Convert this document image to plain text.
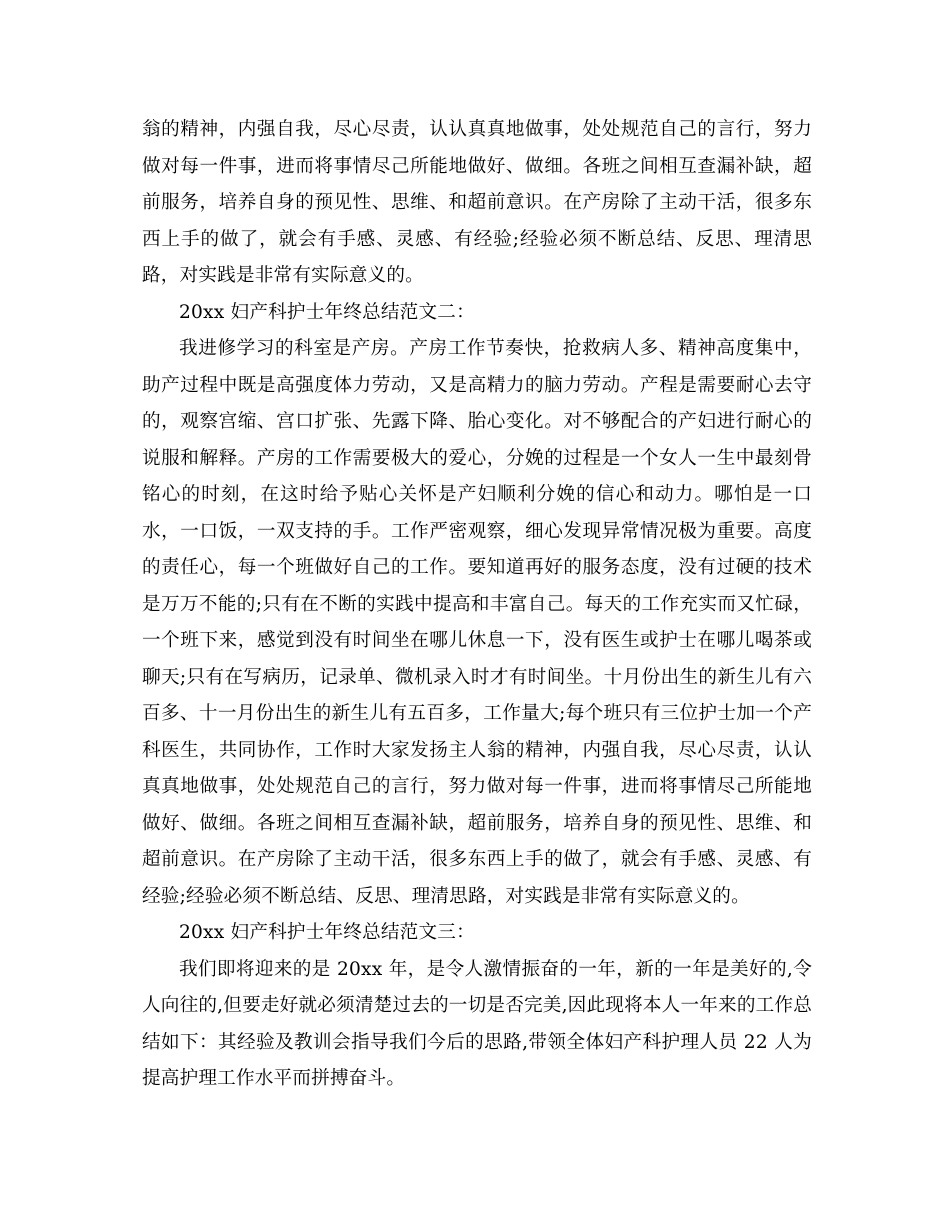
翁的精神，内强自我，尽心尽责，认认真真地做事，处处规范自己的言行，努力做对每一件事，进而将事情尽己所能地做好、做细。各班之间相互查漏补缺，超前服务，培养自身的预见性、思维、和超前意识。在产房除了主动干活，很多东西上手的做了，就会有手感、灵感、有经验;经验必须不断总结、反思、理清思路，对实践是非常有实际意义的。

20xx 妇产科护士年终总结范文二：

我进修学习的科室是产房。产房工作节奏快，抢救病人多、精神高度集中，助产过程中既是高强度体力劳动，又是高精力的脑力劳动。产程是需要耐心去守的，观察宫缩、宫口扩张、先露下降、胎心变化。对不够配合的产妇进行耐心的说服和解释。产房的工作需要极大的爱心，分娩的过程是一个女人一生中最刻骨铭心的时刻，在这时给予贴心关怀是产妇顺利分娩的信心和动力。哪怕是一口水，一口饭，一双支持的手。工作严密观察，细心发现异常情况极为重要。高度的责任心，每一个班做好自己的工作。要知道再好的服务态度，没有过硬的技术是万万不能的;只有在不断的实践中提高和丰富自己。每天的工作充实而又忙碌，一个班下来，感觉到没有时间坐在哪儿休息一下，没有医生或护士在哪儿喝茶或聊天;只有在写病历，记录单、微机录入时才有时间坐。十月份出生的新生儿有六百多、十一月份出生的新生儿有五百多，工作量大;每个班只有三位护士加一个产科医生，共同协作，工作时大家发扬主人翁的精神，内强自我，尽心尽责，认认真真地做事，处处规范自己的言行，努力做对每一件事，进而将事情尽己所能地做好、做细。各班之间相互查漏补缺，超前服务，培养自身的预见性、思维、和超前意识。在产房除了主动干活，很多东西上手的做了，就会有手感、灵感、有经验;经验必须不断总结、反思、理清思路，对实践是非常有实际意义的。

20xx 妇产科护士年终总结范文三：

我们即将迎来的是 20xx 年，是令人激情振奋的一年，新的一年是美好的,令人向往的,但要走好就必须清楚过去的一切是否完美,因此现将本人一年来的工作总结如下：其经验及教训会指导我们今后的思路,带领全体妇产科护理人员 22 人为提高护理工作水平而拼搏奋斗。
